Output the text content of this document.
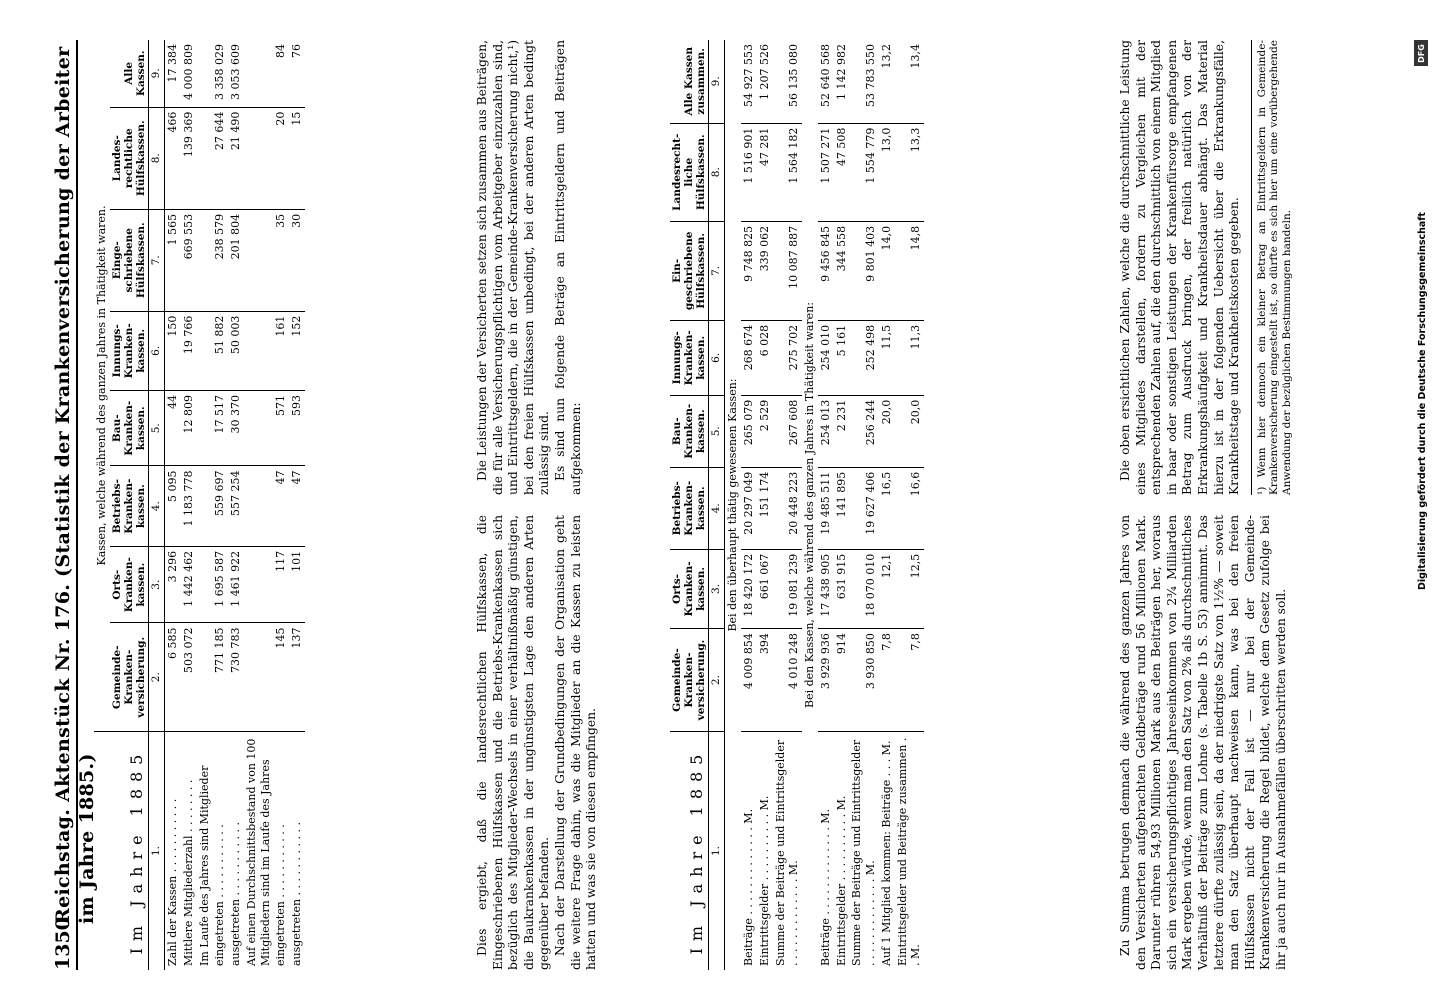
1350
Reichstag. Aktenstück Nr. 176. (Statistik der Krankenversicherung der Arbeiter im Jahre 1885.) Im Jahre 1885	Kassen, welche während des ganzen Jahres in Thätigkeit waren.							
	Gemeinde-Kranken-versicherung.	Orts-Kranken-kassen.	Betriebs-Kranken-kassen.	Bau-Kranken-kassen.	Innungs-Kranken-kassen.	Einge-schriebene Hülfskassen.	Landes-rechtliche Hülfskassen.	Alle Kassen.
1.	2.	3.	4.	5.	6.	7.	8.	9.
Zahl der Kassen . . . . . . . . . . .	6 585	3 296	5 095	44	150	1 565	466	17 384
Mittlere Mitgliederzahl . . . . . . . .	503 072	1 442 462	1 183 778	12 809	19 766	669 553	139 369	4 000 809
Im Laufe des Jahres sind Mitglieder								
eingetreten . . . . . . . . . . .	771 185	1 695 587	559 697	17 517	51 882	238 579	27 644	3 358 029
ausgetreten . . . . . . . . . . .	730 783	1 461 922	557 254	30 370	50 003	201 804	21 490	3 053 609
Auf einen Durchschnittsbestand von 100 Mitgliedern sind im Laufe des Jahres								
eingetreten . . . . . . . . . . .	145	117	47	571	161	35	20	84
ausgetreten . . . . . . . . . . .	137	101	47	593	152	30	15	76

Dies ergiebt, daß die landesrechtlichen Hülfskassen, die Eingeschriebenen Hülfskassen und die Betriebs-Krankenkassen sich bezüglich des Mitglieder-Wechsels in einer verhältnißmäßig günstigen, die Baukrankenkassen in der ungünstigsten Lage den anderen Arten gegenüber befanden. Nach der Darstellung der Grundbedingungen der Organisation geht die weitere Frage dahin, was die Mitglieder an die Kassen zu leisten hatten und was sie von diesen empfingen.

Die Leistungen der Versicherten setzen sich zusammen aus Beiträgen, die für alle Versicherungspflichtigen vom Arbeitgeber einzuzahlen sind, und Eintrittsgeldern, die in der Gemeinde-Krankenversicherung nicht,¹) bei den freien Hülfskassen unbedingt, bei der anderen Arten bedingt zulässig sind. Es sind nun folgende Beträge an Eintrittsgeldern und Beiträgen aufgekommen:

Im Jahre 1885	Gemeinde-Kranken-versicherung.	Orts-Kranken-kassen.	Betriebs-Kranken-kassen.	Bau-Kranken-kassen.	Innungs-Kranken-kassen.	Ein-geschriebene Hülfskassen.	Landesrecht-liche Hülfskassen.	Alle Kassen zusammen.
1.	2.	3.	4.	5.	6.	7.	8.	9.
Bei den überhaupt thätig gewesenen Kassen:								
Beiträge . . . . . . . . . . . . . M.	4 009 854	18 420 172	20 297 049	265 079	268 674	9 748 825	1 516 901	54 927 553
Eintrittsgelder . . . . . . . . . . M.	394	661 067	151 174	2 529	6 028	339 062	47 281	1 207 526
Summe der Beiträge und Eintrittsgelder . . . . . . . . . . . . . M.	4 010 248	19 081 239	20 448 223	267 608	275 702	10 087 887	1 564 182	56 135 080
Bei den Kassen, welche während des ganzen Jahres in Thätigkeit waren:								
Beiträge . . . . . . . . . . . . . M.	3 929 936	17 438 905	19 485 511	254 013	254 010	9 456 845	1 507 271	52 640 568
Eintrittsgelder . . . . . . . . . . M.	914	631 915	141 895	2 231	5 161	344 558	47 508	1 142 982
Summe der Beiträge und Eintrittsgelder . . . . . . . . . . . . . M.	3 930 850	18 070 010	19 627 406	256 244	252 498	9 801 403	1 554 779	53 783 550
Auf 1 Mitglied kommen: Beiträge . . . M.	7,8	12,1	16,5	20,0	11,5	14,0	13,0	13,2
Eintrittsgelder und Beiträge zusammen . . M.	7,8	12,5	16,6	20,0	11,3	14,8	13,3	13,4

Zu Summa betrugen demnach die während des ganzen Jahres von den Versicherten aufgebrachten Geldbeträge rund 56 Millionen Mark. Darunter rühren 54,93 Millionen Mark aus den Beiträgen her, woraus sich ein versicherungspflichtiges Jahreseinkommen von 2¾ Milliarden Mark ergeben würde, wenn man den Satz von 2% als durchschnittliches Verhältniß der Beiträge zum Lohne (s. Tabelle 1b S. 53) annimmt. Das letztere dürfte zulässig sein, da der niedrigste Satz von 1½% — soweit man den Satz überhaupt nachweisen kann, was bei den freien Hülfskassen nicht der Fall ist — nur bei der Gemeinde-Krankenversicherung die Regel bildet, welche dem Gesetz zufolge bei ihr ja auch nur in Ausnahmefällen überschritten werden soll.

Die oben ersichtlichen Zahlen, welche die durchschnittliche Leistung eines Mitgliedes darstellen, fordern zu Vergleichen mit der entsprechenden Zahlen auf, die den durchschnittlich von einem Mitglied in baar oder sonstigen Leistungen der Krankenfürsorge empfangenen Betrag zum Ausdruck bringen, der freilich natürlich von der Erkrankungshäufigkeit und Krankheitsdauer abhängt. Das Material hierzu ist in der folgenden Uebersicht über die Erkrankungsfälle, Krankheitstage und Krankheitskosten gegeben.	¹) Wenn hier dennoch ein kleiner Betrag an Eintrittsgeldern in Gemeinde-Krankenversicherung eingestellt ist, so dürfte es sich hier um eine vorübergehende Anwendung der bezüglichen Bestimmungen handeln.
DFG
Digitalisierung gefördert durch die Deutsche Forschungsgemeinschaft
